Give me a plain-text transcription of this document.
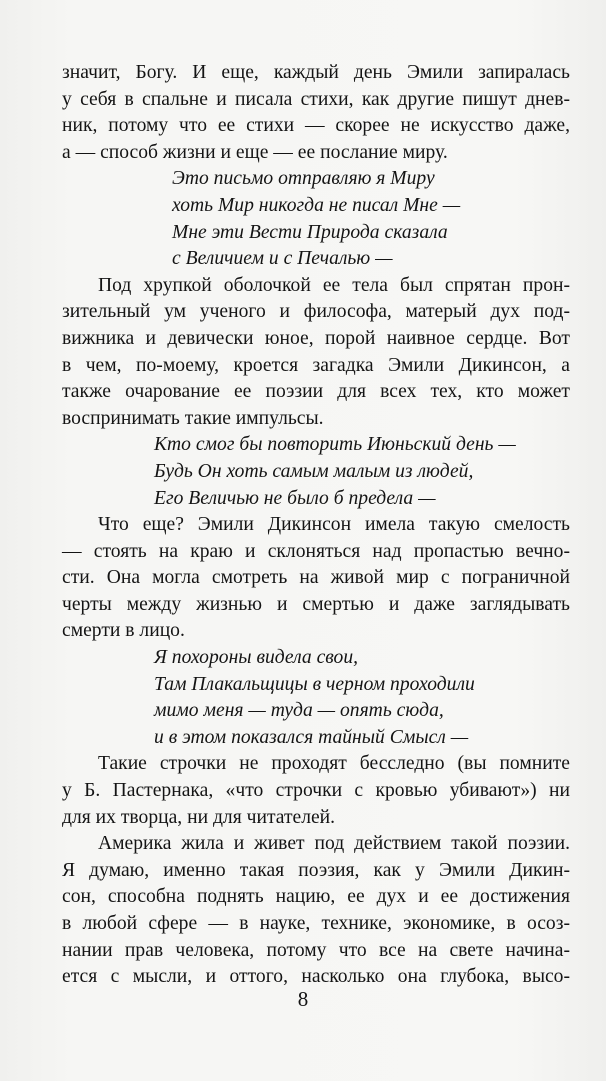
значит, Богу. И еще, каждый день Эмили запиралась
у себя в спальне и писала стихи, как другие пишут днев-
ник, потому что ее стихи — скорее не искусство даже,
а — способ жизни и еще — ее послание миру.
Это письмо отправляю я Миру
хоть Мир никогда не писал Мне —
Мне эти Вести Природа сказала
с Величием и с Печалью —
Под хрупкой оболочкой ее тела был спрятан прон-
зительный ум ученого и философа, матерый дух под-
вижника и девически юное, порой наивное сердце. Вот
в чем, по-моему, кроется загадка Эмили Дикинсон, а
также очарование ее поэзии для всех тех, кто может
воспринимать такие импульсы.
Кто смог бы повторить Июньский день —
Будь Он хоть самым малым из людей,
Его Величью не было б предела —
Что еще? Эмили Дикинсон имела такую смелость
— стоять на краю и склоняться над пропастью вечно-
сти. Она могла смотреть на живой мир с пограничной
черты между жизнью и смертью и даже заглядывать
смерти в лицо.
Я похороны видела свои,
Там Плакальщицы в черном проходили
мимо меня — туда — опять сюда,
и в этом показался тайный Смысл —
Такие строчки не проходят бесследно (вы помните
у Б. Пастернака, «что строчки с кровью убивают») ни
для их творца, ни для читателей.
Америка жила и живет под действием такой поэзии.
Я думаю, именно такая поэзия, как у Эмили Дикин-
сон, способна поднять нацию, ее дух и ее достижения
в любой сфере — в науке, технике, экономике, в осоз-
нании прав человека, потому что все на свете начина-
ется с мысли, и оттого, насколько она глубока, высо-
8
